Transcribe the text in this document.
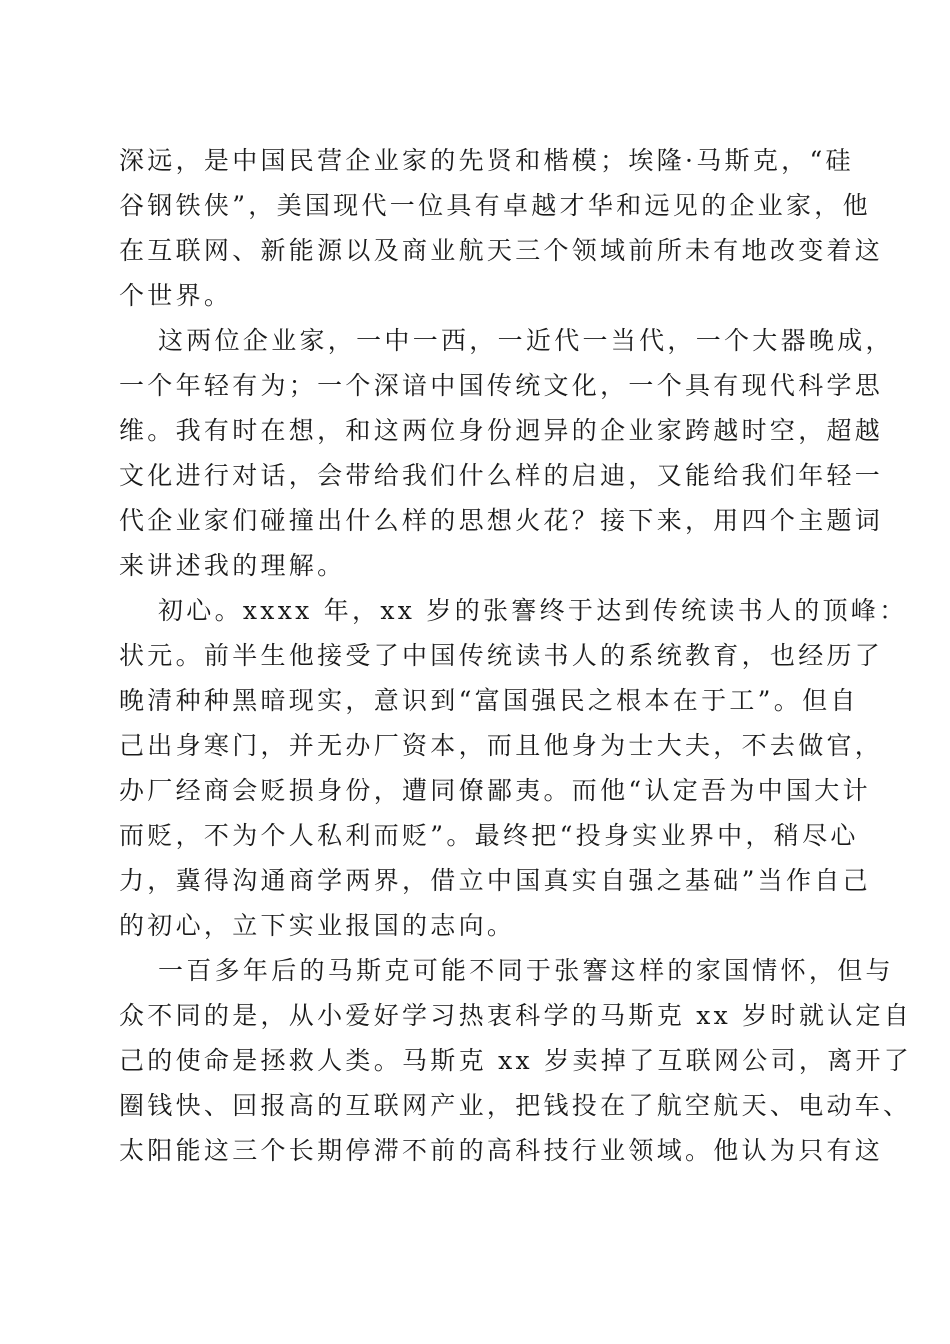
深远，是中国民营企业家的先贤和楷模；埃隆·马斯克，“硅

谷钢铁侠”，美国现代一位具有卓越才华和远见的企业家，他

在互联网、新能源以及商业航天三个领域前所未有地改变着这

个世界。

这两位企业家，一中一西，一近代一当代，一个大器晚成，

一个年轻有为；一个深谙中国传统文化，一个具有现代科学思

维。我有时在想，和这两位身份迥异的企业家跨越时空，超越

文化进行对话，会带给我们什么样的启迪，又能给我们年轻一

代企业家们碰撞出什么样的思想火花？接下来，用四个主题词

来讲述我的理解。

初心。xxxx 年，xx 岁的张謇终于达到传统读书人的顶峰：

状元。前半生他接受了中国传统读书人的系统教育，也经历了

晚清种种黑暗现实，意识到“富国强民之根本在于工”。但自

己出身寒门，并无办厂资本，而且他身为士大夫，不去做官，

办厂经商会贬损身份，遭同僚鄙夷。而他“认定吾为中国大计

而贬，不为个人私利而贬”。最终把“投身实业界中，稍尽心

力，冀得沟通商学两界，借立中国真实自强之基础”当作自己

的初心，立下实业报国的志向。

一百多年后的马斯克可能不同于张謇这样的家国情怀，但与

众不同的是，从小爱好学习热衷科学的马斯克 xx 岁时就认定自

己的使命是拯救人类。马斯克 xx 岁卖掉了互联网公司，离开了

圈钱快、回报高的互联网产业，把钱投在了航空航天、电动车、

太阳能这三个长期停滞不前的高科技行业领域。他认为只有这
